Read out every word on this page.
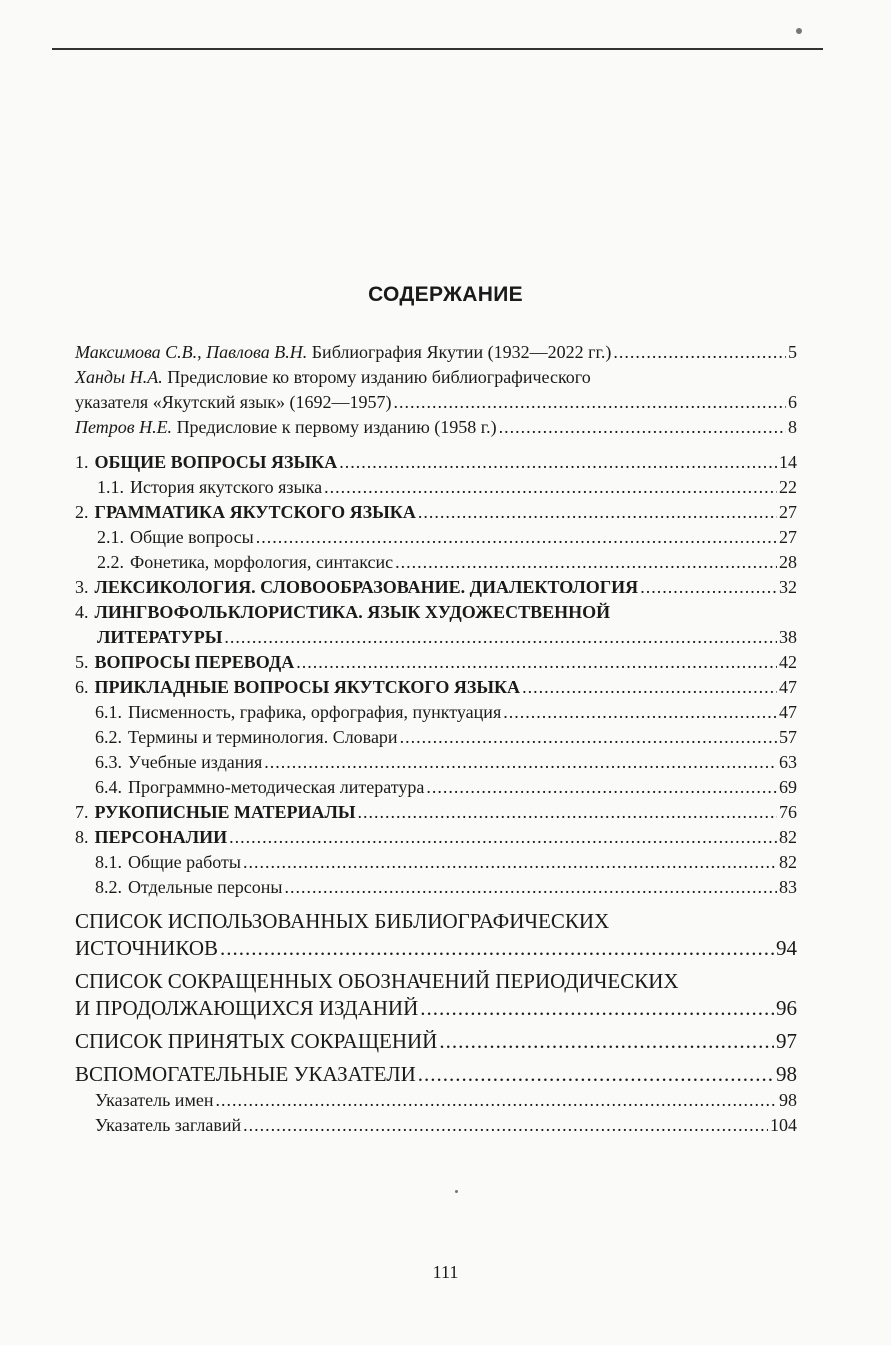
СОДЕРЖАНИЕ
Максимова С.В., Павлова В.Н. Библиография Якутии (1932—2022 гг.) .....	5
Ханды Н.А. Предисловие ко второму изданию библиографического
указателя «Якутский язык» (1692—1957) .....	6
Петров Н.Е. Предисловие к первому изданию (1958 г.) .....	8
1. ОБЩИЕ ВОПРОСЫ ЯЗЫКА .....	14
1.1. История якутского языка .....	22
2. ГРАММАТИКА ЯКУТСКОГО ЯЗЫКА .....	27
2.1. Общие вопросы .....	27
2.2. Фонетика, морфология, синтаксис .....	28
3. ЛЕКСИКОЛОГИЯ. СЛОВООБРАЗОВАНИЕ. ДИАЛЕКТОЛОГИЯ .....	32
4. ЛИНГВОФОЛЬКЛОРИСТИКА. ЯЗЫК ХУДОЖЕСТВЕННОЙ
ЛИТЕРАТУРЫ .....	38
5. ВОПРОСЫ ПЕРЕВОДА .....	42
6. ПРИКЛАДНЫЕ ВОПРОСЫ ЯКУТСКОГО ЯЗЫКА .....	47
6.1. Писменность, графика, орфография, пунктуация .....	47
6.2. Термины и терминология. Словари .....	57
6.3. Учебные издания .....	63
6.4. Программно-методическая литература .....	69
7. РУКОПИСНЫЕ МАТЕРИАЛЫ .....	76
8. ПЕРСОНАЛИИ .....	82
8.1. Общие работы .....	82
8.2. Отдельные персоны .....	83
СПИСОК ИСПОЛЬЗОВАННЫХ БИБЛИОГРАФИЧЕСКИХ
ИСТОЧНИКОВ .....	94
СПИСОК СОКРАЩЕННЫХ ОБОЗНАЧЕНИЙ ПЕРИОДИЧЕСКИХ
И ПРОДОЛЖАЮЩИХСЯ ИЗДАНИЙ .....	96
СПИСОК ПРИНЯТЫХ СОКРАЩЕНИЙ .....	97
ВСПОМОГАТЕЛЬНЫЕ УКАЗАТЕЛИ .....	98
Указатель имен .....	98
Указатель заглавий .....	104
111
